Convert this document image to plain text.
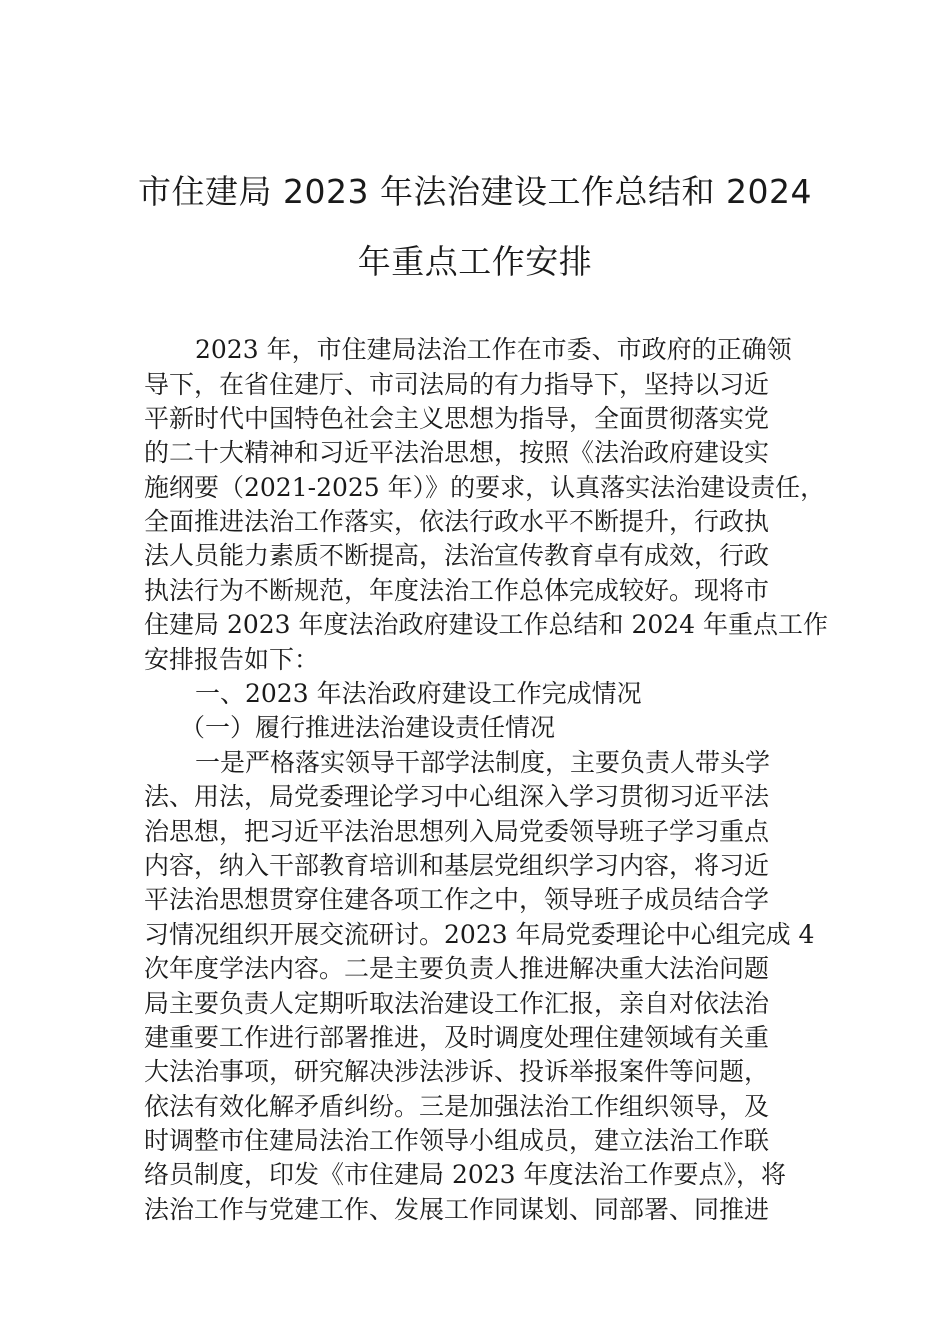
市住建局 2023 年法治建设工作总结和 2024
年重点工作安排
2023 年，市住建局法治工作在市委、市政府的正确领
导下，在省住建厅、市司法局的有力指导下，坚持以习近
平新时代中国特色社会主义思想为指导，全面贯彻落实党
的二十大精神和习近平法治思想，按照《法治政府建设实
施纲要（2021-2025 年）》的要求，认真落实法治建设责任，
全面推进法治工作落实，依法行政水平不断提升，行政执
法人员能力素质不断提高，法治宣传教育卓有成效，行政
执法行为不断规范，年度法治工作总体完成较好。现将市
住建局 2023 年度法治政府建设工作总结和 2024 年重点工作
安排报告如下：
一、2023 年法治政府建设工作完成情况
（一）履行推进法治建设责任情况
一是严格落实领导干部学法制度，主要负责人带头学
法、用法，局党委理论学习中心组深入学习贯彻习近平法
治思想，把习近平法治思想列入局党委领导班子学习重点
内容，纳入干部教育培训和基层党组织学习内容，将习近
平法治思想贯穿住建各项工作之中，领导班子成员结合学
习情况组织开展交流研讨。2023 年局党委理论中心组完成 4
次年度学法内容。二是主要负责人推进解决重大法治问题
局主要负责人定期听取法治建设工作汇报，亲自对依法治
建重要工作进行部署推进，及时调度处理住建领域有关重
大法治事项，研究解决涉法涉诉、投诉举报案件等问题，
依法有效化解矛盾纠纷。三是加强法治工作组织领导，及
时调整市住建局法治工作领导小组成员，建立法治工作联
络员制度，印发《市住建局 2023 年度法治工作要点》，将
法治工作与党建工作、发展工作同谋划、同部署、同推进
